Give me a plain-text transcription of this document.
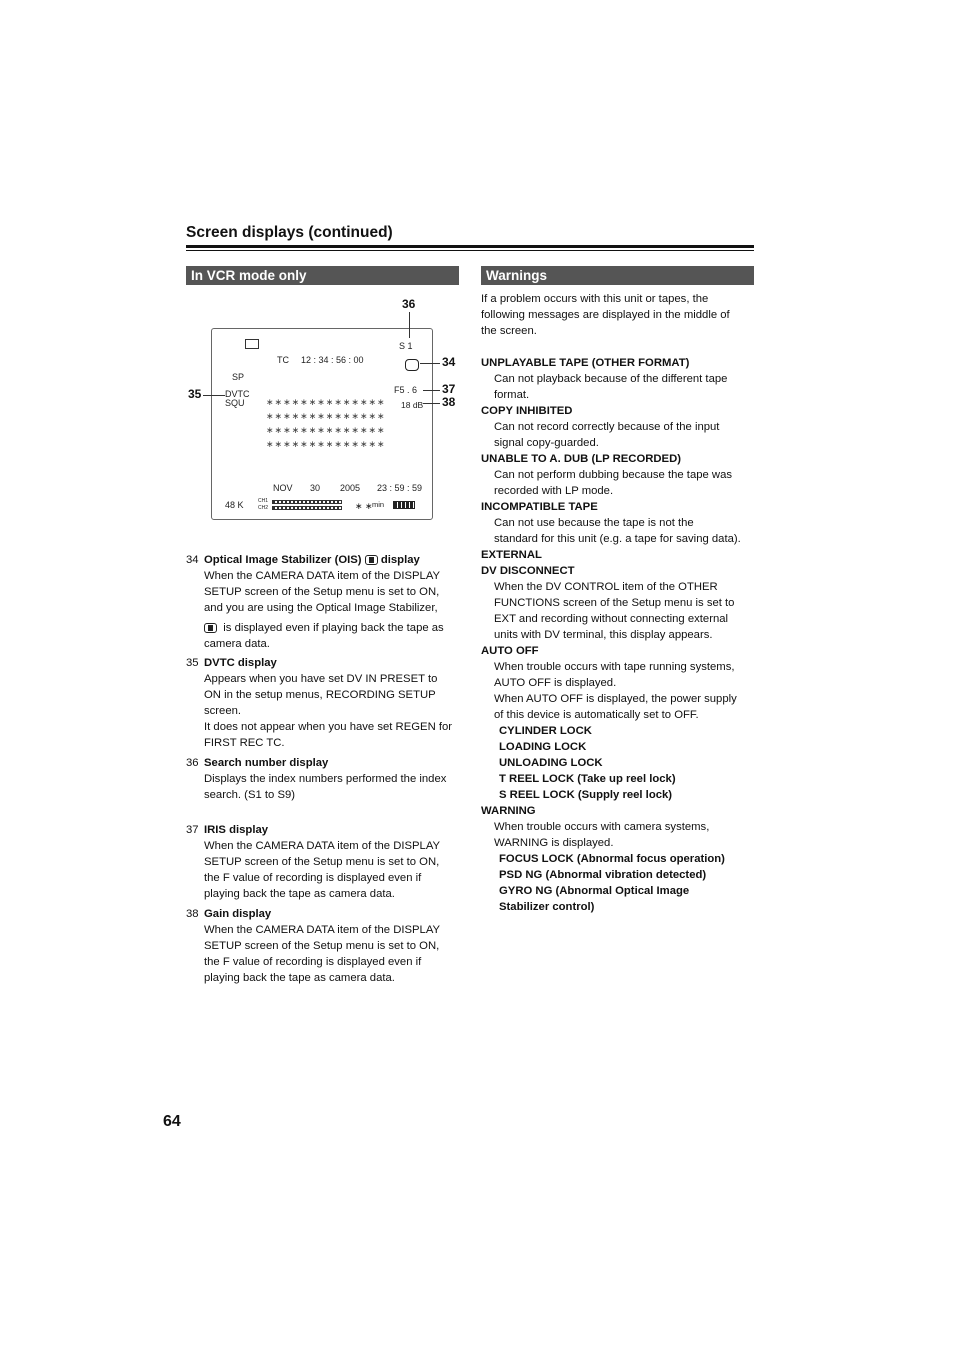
Screen displays (continued)
In VCR mode only	Warnings
S 1
TC 12 : 34 : 56 : 00
SP
DVTC
SQU
F5 . 6
18 dB
∗∗∗∗∗∗∗∗∗∗∗∗∗∗
∗∗∗∗∗∗∗∗∗∗∗∗∗∗
∗∗∗∗∗∗∗∗∗∗∗∗∗∗
∗∗∗∗∗∗∗∗∗∗∗∗∗∗
NOV 30 2005 23 : 59 : 59
48 K	CH1
CH2	∗ ∗ min
36
34
35	37
38
34 Optical Image Stabilizer (OIS) display
When the CAMERA DATA item of the DISPLAY
SETUP screen of the Setup menu is set to ON,
and you are using the Optical Image Stabilizer,
is displayed even if playing back the tape as
camera data.
35 DVTC display
Appears when you have set DV IN PRESET to
ON in the setup menus, RECORDING SETUP
screen.
It does not appear when you have set REGEN for
FIRST REC TC.
36 Search number display
Displays the index numbers performed the index
search. (S1 to S9)
37 IRIS display
When the CAMERA DATA item of the DISPLAY
SETUP screen of the Setup menu is set to ON,
the F value of recording is displayed even if
playing back the tape as camera data.
38 Gain display
When the CAMERA DATA item of the DISPLAY
SETUP screen of the Setup menu is set to ON,
the F value of recording is displayed even if
playing back the tape as camera data.
If a problem occurs with this unit or tapes, the
following messages are displayed in the middle of
the screen.
UNPLAYABLE TAPE (OTHER FORMAT)
Can not playback because of the different tape
format.
COPY INHIBITED
Can not record correctly because of the input
signal copy-guarded.
UNABLE TO A. DUB (LP RECORDED)
Can not perform dubbing because the tape was
recorded with LP mode.
INCOMPATIBLE TAPE
Can not use because the tape is not the
standard for this unit (e.g. a tape for saving data).
EXTERNAL
DV DISCONNECT
When the DV CONTROL item of the OTHER
FUNCTIONS screen of the Setup menu is set to
EXT and recording without connecting external
units with DV terminal, this display appears.
AUTO OFF
When trouble occurs with tape running systems,
AUTO OFF is displayed.
When AUTO OFF is displayed, the power supply
of this device is automatically set to OFF.
CYLINDER LOCK
LOADING LOCK
UNLOADING LOCK
T REEL LOCK (Take up reel lock)
S REEL LOCK (Supply reel lock)
WARNING
When trouble occurs with camera systems,
WARNING is displayed.
FOCUS LOCK (Abnormal focus operation)
PSD NG (Abnormal vibration detected)
GYRO NG (Abnormal Optical Image
Stabilizer control)
64
